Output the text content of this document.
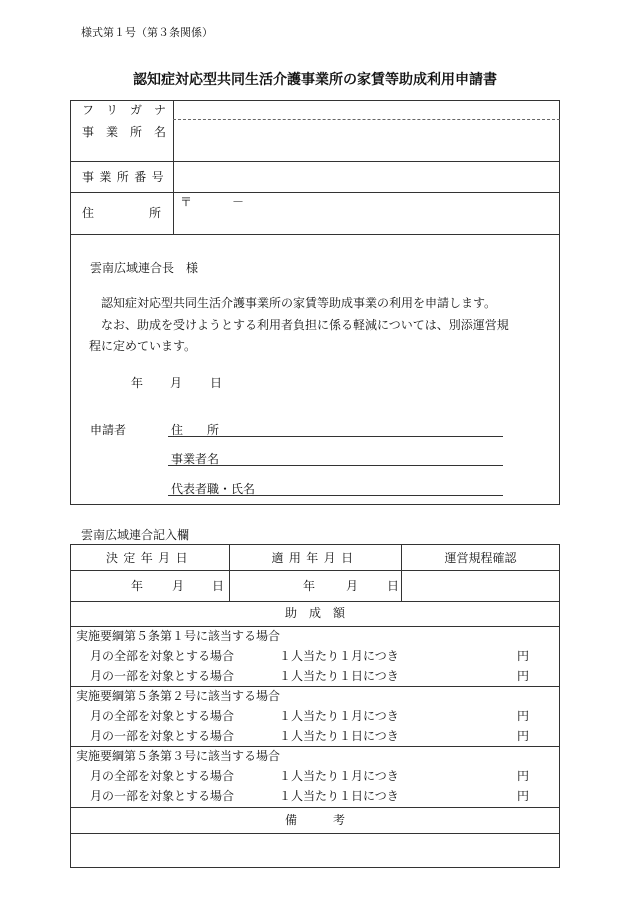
様式第１号（第３条関係）
認知症対応型共同生活介護事業所の家賃等助成利用申請書
フ　リ　ガ　ナ
事　業　所　名
事業所番号
住	所
〒	－
雲南広域連合長　様
認知症対応型共同生活介護事業所の家賃等助成事業の利用を申請します。
なお、助成を受けようとする利用者負担に係る軽減については、別添運営規
程に定めています。
年 月 日
申請者	住　　所
事業者名
代表者職・氏名
雲南広域連合記入欄
決定年月日	適用年月日	運営規程確認
年 月 日	年	月 日
助　成　額
実施要綱第５条第１号に該当する場合
月の全部を対象とする場合	１人当たり１月につき	円
月の一部を対象とする場合	１人当たり１日につき	円
実施要綱第５条第２号に該当する場合
月の全部を対象とする場合	１人当たり１月につき	円
月の一部を対象とする場合	１人当たり１日につき	円
実施要綱第５条第３号に該当する場合
月の全部を対象とする場合	１人当たり１月につき	円
月の一部を対象とする場合	１人当たり１日につき	円
備　　　考
